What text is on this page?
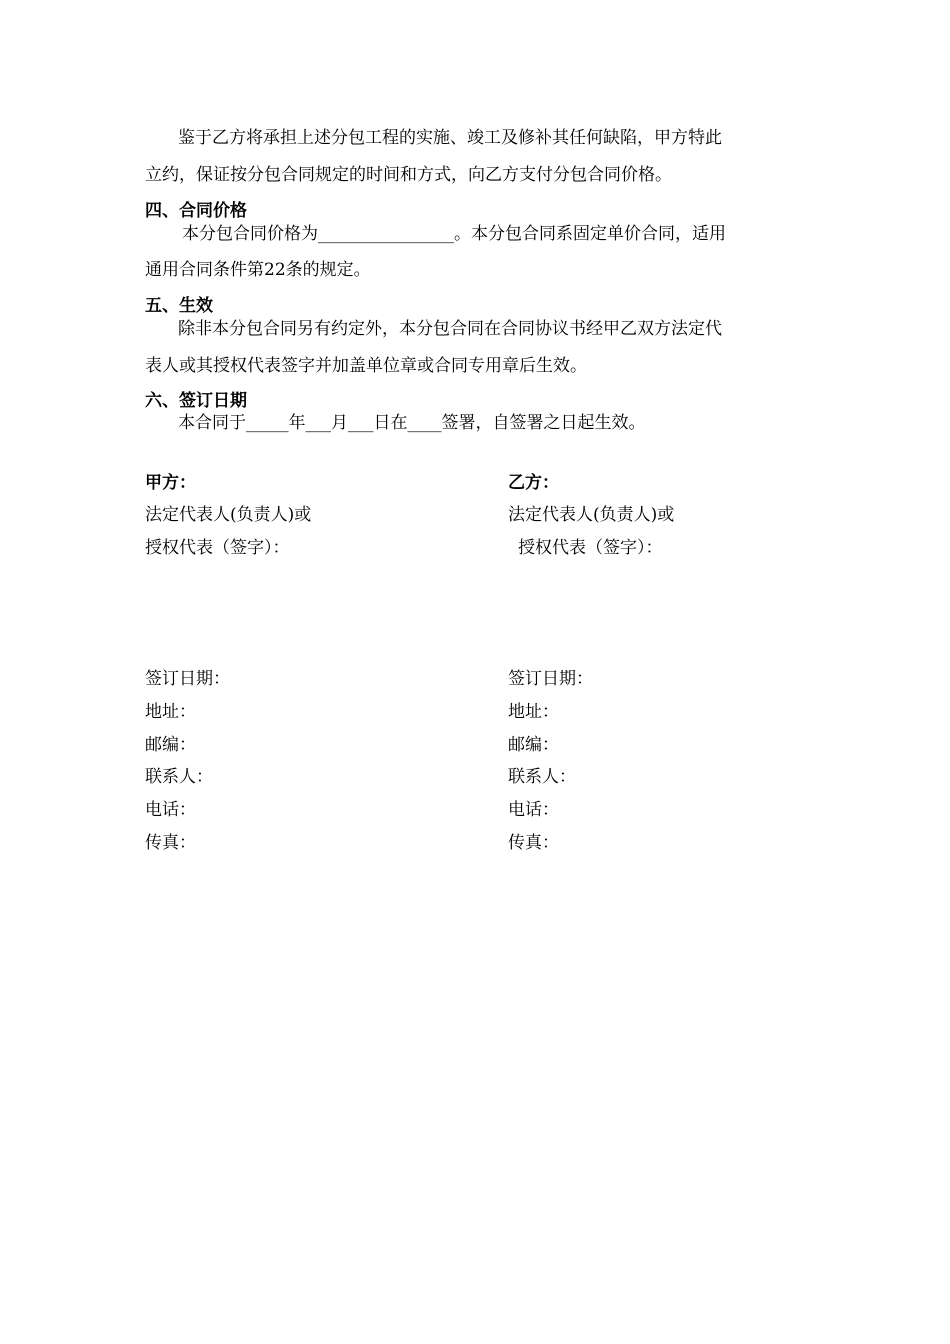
鉴于乙方将承担上述分包工程的实施、竣工及修补其任何缺陷，甲方特此
立约，保证按分包合同规定的时间和方式，向乙方支付分包合同价格。
四、合同价格
本分包合同价格为________________。本分包合同系固定单价合同，适用
通用合同条件第22条的规定。
五、生效
除非本分包合同另有约定外，本分包合同在合同协议书经甲乙双方法定代
表人或其授权代表签字并加盖单位章或合同专用章后生效。
六、签订日期
本合同于_____年___月___日在____签署，自签署之日起生效。
甲方：
法定代表人(负责人)或
授权代表（签字）：
签订日期：
地址：
邮编：
联系人：
电话：
传真：
乙方：
法定代表人(负责人)或
授权代表（签字）：
签订日期：
地址：
邮编：
联系人：
电话：
传真：
